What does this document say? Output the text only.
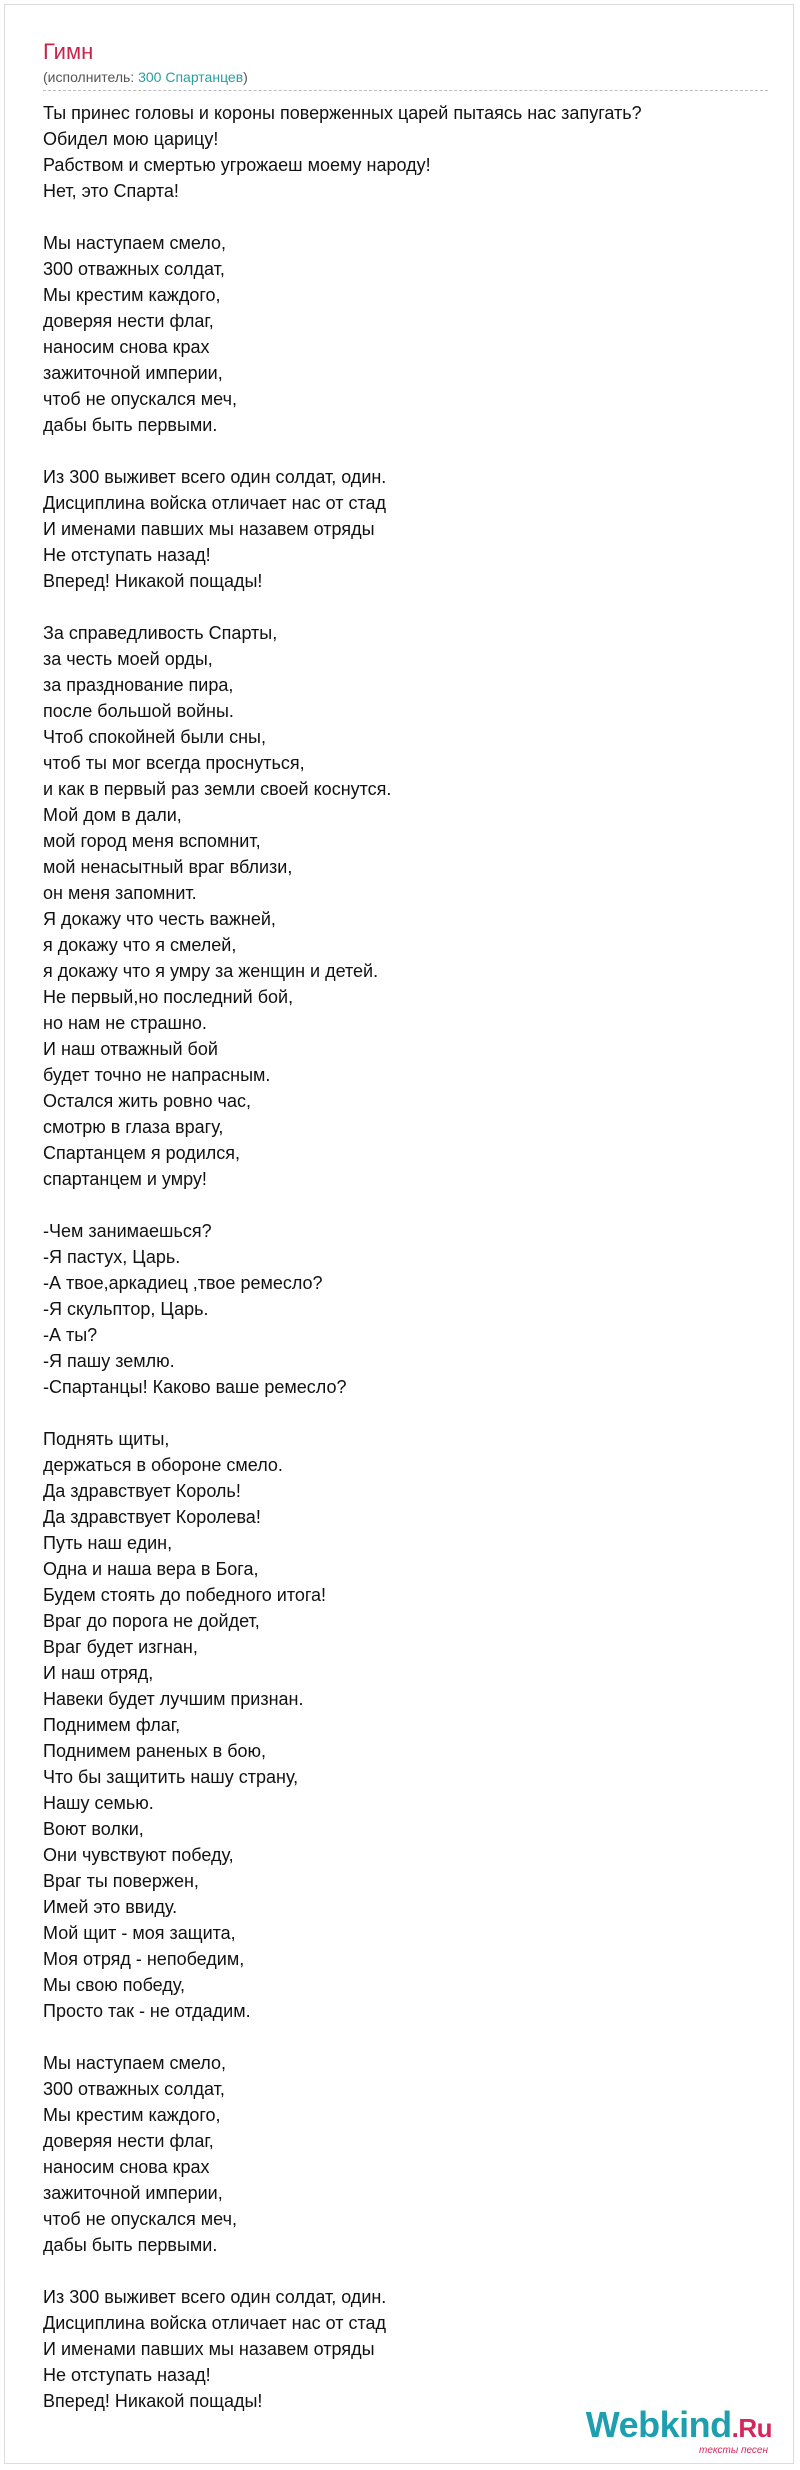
Гимн
(исполнитель: 300 Спартанцев)
Ты принес головы и короны поверженных царей пытаясь нас запугать?
Обидел мою царицу!
Рабством и смертью угрожаеш моему народу!
Нет, это Спарта!
Мы наступаем смело,
300 отважных солдат,
Мы крестим каждого,
доверяя нести флаг,
наносим снова крах
зажиточной империи,
чтоб не опускался меч,
дабы быть первыми.
Из 300 выживет всего один солдат, один.
Дисциплина войска отличает нас от стад
И именами павших мы назавем отряды
Не отступать назад!
Вперед! Никакой пощады!
За справедливость Спарты,
за честь моей орды,
за празднование пира,
после большой войны.
Чтоб спокойней были сны,
чтоб ты мог всегда проснуться,
и как в первый раз земли своей коснутся.
Мой дом в дали,
мой город меня вспомнит,
мой ненасытный враг вблизи,
он меня запомнит.
Я докажу что честь важней,
я докажу что я смелей,
я докажу что я умру за женщин и детей.
Не первый,но последний бой,
но нам не страшно.
И наш отважный бой
будет точно не напрасным.
Остался жить ровно час,
смотрю в глаза врагу,
Спартанцем я родился,
спартанцем и умру!
-Чем занимаешься?
-Я пастух, Царь.
-А твое,аркадиец ,твое ремесло?
-Я скульптор, Царь.
-А ты?
-Я пашу землю.
-Спартанцы! Каково ваше ремесло?
Поднять щиты,
держаться в обороне смело.
Да здравствует Король!
Да здравствует Королева!
Путь наш един,
Одна и наша вера в Бога,
Будем стоять до победного итога!
Враг до порога не дойдет,
Враг будет изгнан,
И наш отряд,
Навеки будет лучшим признан.
Поднимем флаг,
Поднимем раненых в бою,
Что бы защитить нашу страну,
Нашу семью.
Воют волки,
Они чувствуют победу,
Враг ты повержен,
Имей это ввиду.
Мой щит - моя защита,
Моя отряд - непобедим,
Мы свою победу,
Просто так - не отдадим.
Мы наступаем смело,
300 отважных солдат,
Мы крестим каждого,
доверяя нести флаг,
наносим снова крах
зажиточной империи,
чтоб не опускался меч,
дабы быть первыми.
Из 300 выживет всего один солдат, один.
Дисциплина войска отличает нас от стад
И именами павших мы назавем отряды
Не отступать назад!
Вперед! Никакой пощады!
Webkind.Ru
тексты песен
